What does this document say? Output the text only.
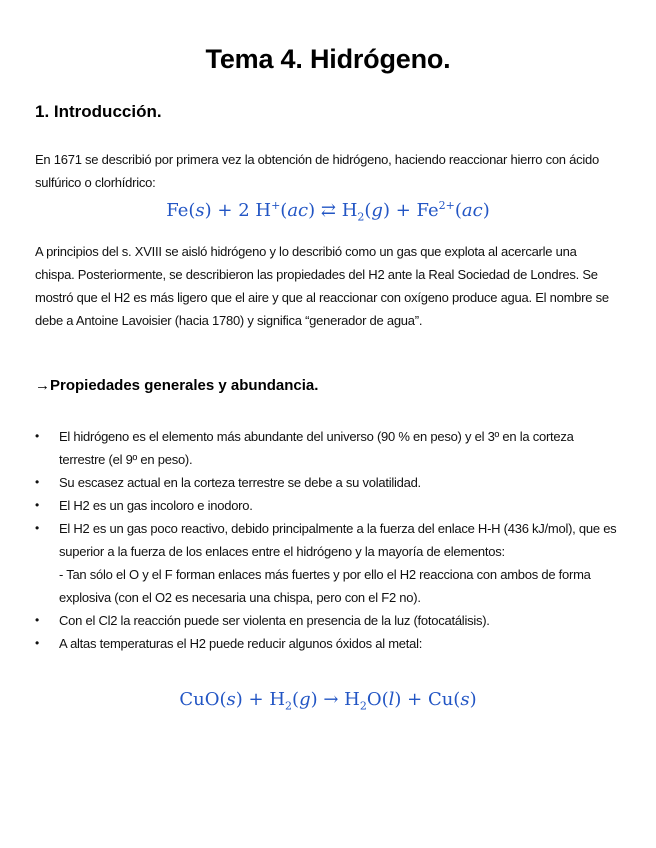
Tema 4. Hidrógeno.
1. Introducción.

En 1671 se describió por primera vez la obtención de hidrógeno, haciendo reaccionar hierro con ácido sulfúrico o clorhídrico:

Fe(s) + 2 H+(ac) ⇄ $H_2(g) + Fe^{2+}(ac)$

A principios del s. XVIII se aisló hidrógeno y lo describió como un gas que explota al acercarle una chispa. Posteriormente, se describieron las propiedades del H2 ante la Real Sociedad de Londres. Se mostró que el H2 es más ligero que el aire y que al reaccionar con oxígeno produce agua. El nombre se debe a Antoine Lavoisier (hacia 1780) y significa “generador de agua”.

→Propiedades generales y abundancia.
• El hidrógeno es el elemento más abundante del universo (90 % en peso) y el 3º en la corteza terrestre (el 9º en peso).
• Su escasez actual en la corteza terrestre se debe a su volatilidad.
• El H2 es un gas incoloro e inodoro.
• El H2 es un gas poco reactivo, debido principalmente a la fuerza del enlace H-H (436 kJ/mol), que es superior a la fuerza de los enlaces entre el hidrógeno y la mayoría de elementos:
- Tan sólo el O y el F forman enlaces más fuertes y por ello el H2 reacciona con ambos de forma explosiva (con el O2 es necesaria una chispa, pero con el F2 no).
• Con el Cl2 la reacción puede ser violenta en presencia de la luz (fotocatálisis).
• A altas temperaturas el H2 puede reducir algunos óxidos al metal:
$CuO(s) + H_2(g) \to H_2O(l) + Cu(s)$
